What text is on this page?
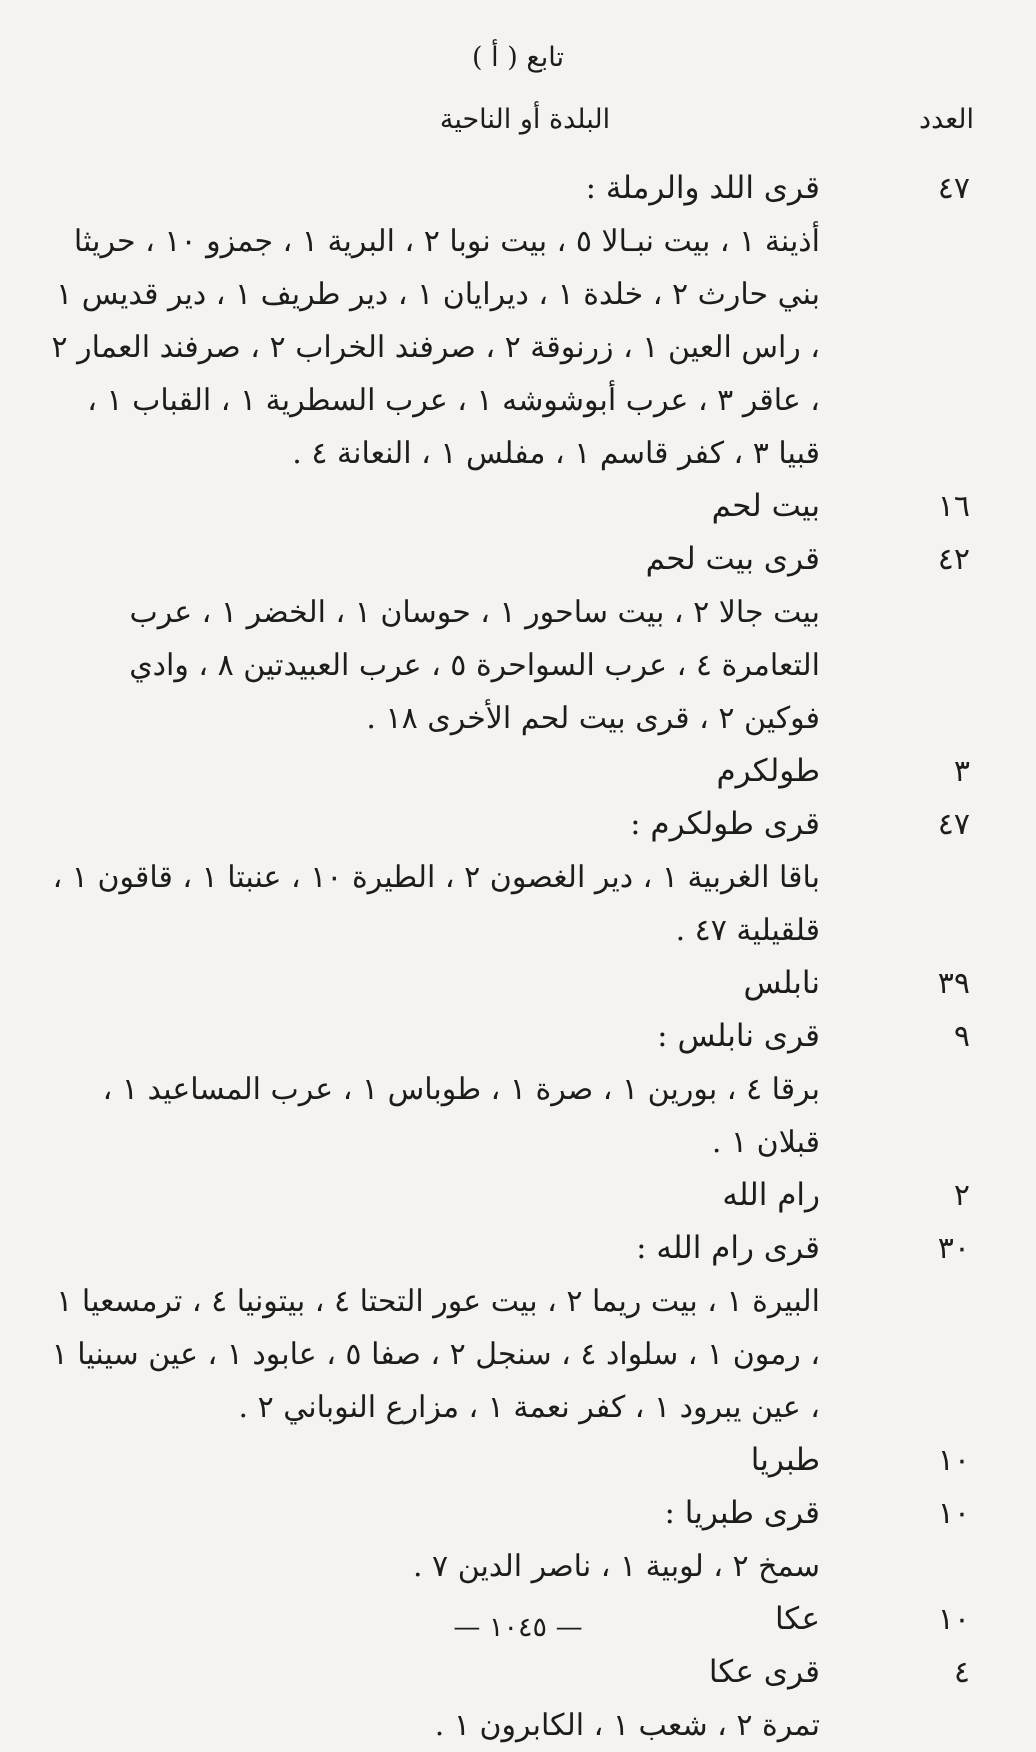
تابع ( أ )
العدد
البلدة أو الناحية
٤٧
قرى اللد والرملة :
أذينة ١ ، بيت نبـالا ٥ ، بيت نوبا ٢ ، البرية ١ ، جمزو ١٠ ، حريثا بني حارث ٢ ، خلدة ١ ، ديرايان ١ ، دير طريف ١ ، دير قديس ١ ، راس العين ١ ، زرنوقة ٢ ، صرفند الخراب ٢ ، صرفند العمار ٢ ، عاقر ٣ ، عرب أبوشوشه ١ ، عرب السطرية ١ ، القباب ١ ، قبيا ٣ ، كفر قاسم ١ ، مفلس ١ ، النعانة ٤ .
١٦
بيت لحم
٤٢
قرى بيت لحم
بيت جالا ٢ ، بيت ساحور ١ ، حوسان ١ ، الخضر ١ ، عرب التعامرة ٤ ، عرب السواحرة ٥ ، عرب العبيدتين ٨ ، وادي فوكين ٢ ، قرى بيت لحم الأخرى ١٨ .
٣
طولكرم
٤٧
قرى طولكرم :
باقا الغربية ١ ، دير الغصون ٢ ، الطيرة ١٠ ، عنبتا ١ ، قاقون ١ ، قلقيلية ٤٧ .
٣٩
نابلس
٩
قرى نابلس :
برقا ٤ ، بورين ١ ، صرة ١ ، طوباس ١ ، عرب المساعيد ١ ، قبلان ١ .
٢
رام الله
٣٠
قرى رام الله :
البيرة ١ ، بيت ريما ٢ ، بيت عور التحتا ٤ ، بيتونيا ٤ ، ترمسعيا ١ ، رمون ١ ، سلواد ٤ ، سنجل ٢ ، صفا ٥ ، عابود ١ ، عين سينيا ١ ، عين يبرود ١ ، كفر نعمة ١ ، مزارع النوباني ٢ .
١٠
طبريا
١٠
قرى طبريا :
سمخ ٢ ، لوبية ١ ، ناصر الدين ٧ .
١٠
عكا
٤
قرى عكا
تمرة ٢ ، شعب ١ ، الكابرون ١ .
— ١٠٤٥ —
